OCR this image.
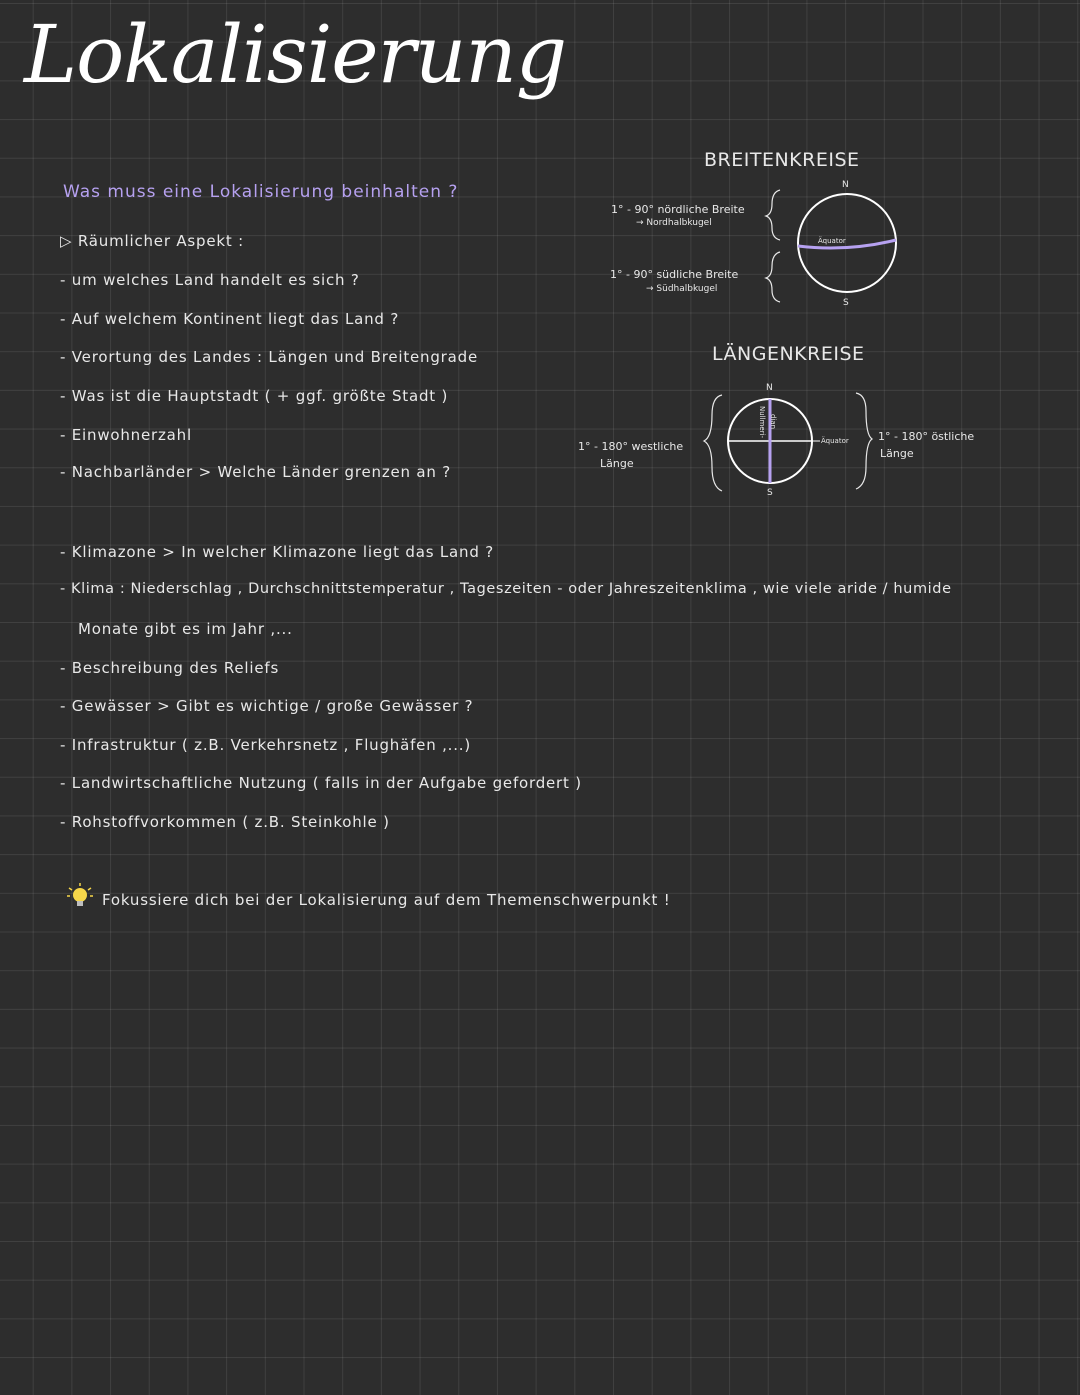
Lokalisierung
Was muss eine Lokalisierung beinhalten ?
▷ Räumlicher Aspekt :
- um welches Land handelt es sich ?
- Auf welchem Kontinent liegt das Land ?
- Verortung des Landes : Längen und Breitengrade
- Was ist die Hauptstadt ( + ggf. größte Stadt )
- Einwohnerzahl
- Nachbarländer > Welche Länder grenzen an ?
- Klimazone > In welcher Klimazone liegt das Land ?
- Klima : Niederschlag , Durchschnittstemperatur , Tageszeiten - oder Jahreszeitenklima , wie viele aride / humide
Monate gibt es im Jahr ,...
- Beschreibung des Reliefs
- Gewässer > Gibt es wichtige / große Gewässer ?
- Infrastruktur ( z.B. Verkehrsnetz , Flughäfen ,...)
- Landwirtschaftliche Nutzung ( falls in der Aufgabe gefordert )
- Rohstoffvorkommen ( z.B. Steinkohle )
Fokussiere dich bei der Lokalisierung auf dem Themenschwerpunkt !
BREITENKREISE
1° - 90° nördliche Breite
→ Nordhalbkugel
1° - 90° südliche Breite
→ Südhalbkugel
N
S
Äquator
LÄNGENKREISE
1° - 180° westliche
Länge
1° - 180° östliche
Länge
N
S
Äquator
Nullmeri- dian
